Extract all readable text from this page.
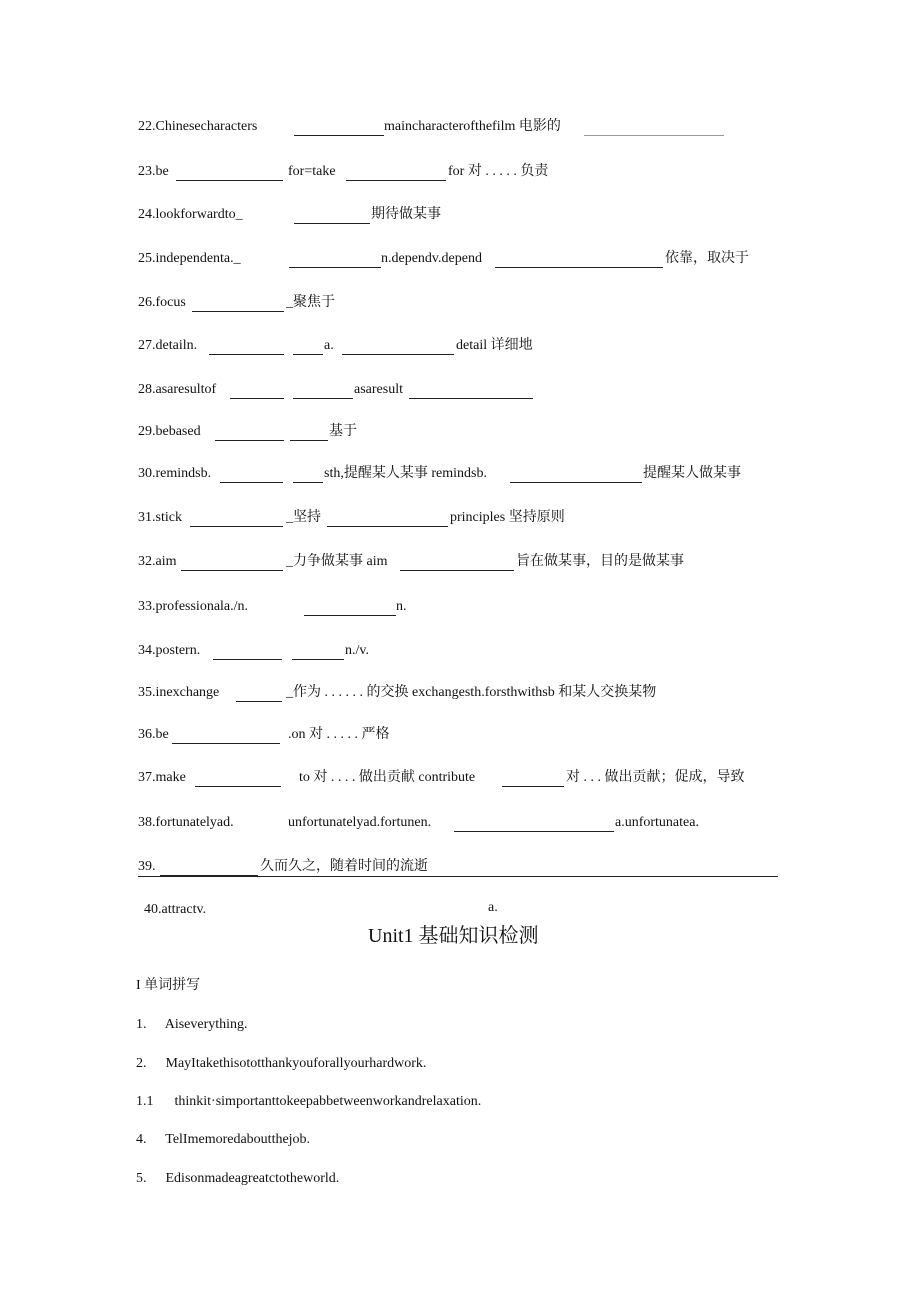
22.Chinesecharacters	maincharacterofthefilm 电影的
23.be	for=take	for 对 . . . . . 负责
24.lookforwardto_	期待做某事
25.independenta._	n.dependv.depend	依靠，取决于
26.focus	_聚焦于
27.detailn.	a.	detail 详细地
28.asaresultof	asaresult
29.bebased	基于
30.remindsb.	sth,提醒某人某事 remindsb.	提醒某人做某事
31.stick	_坚持	principles 坚持原则
32.aim	_力争做某事 aim	旨在做某事，目的是做某事
33.professionala./n.	n.
34.postern.	n./v.
35.inexchange	_作为 . . . . . . 的交换 exchangesth.forsthwithsb 和某人交换某物
36.be	.on 对 . . . . . 严格
37.make	to 对 . . . . 做出贡献 contribute	对 . . . 做出贡献；促成，导致
38.fortunatelyad.	unfortunatelyad.fortunen.	a.unfortunatea.
39.	久而久之，随着时间的流逝
40.attractv.	a.
Unit1 基础知识检测
I 单词拼写
1. Aiseverything.
2. MayItakethisototthankyouforallyourhardwork.
1.1 thinkit·simportanttokeepabbetweenworkandrelaxation.
4. TelImemoredaboutthejob.
5. Edisonmadeagreatctotheworld.
